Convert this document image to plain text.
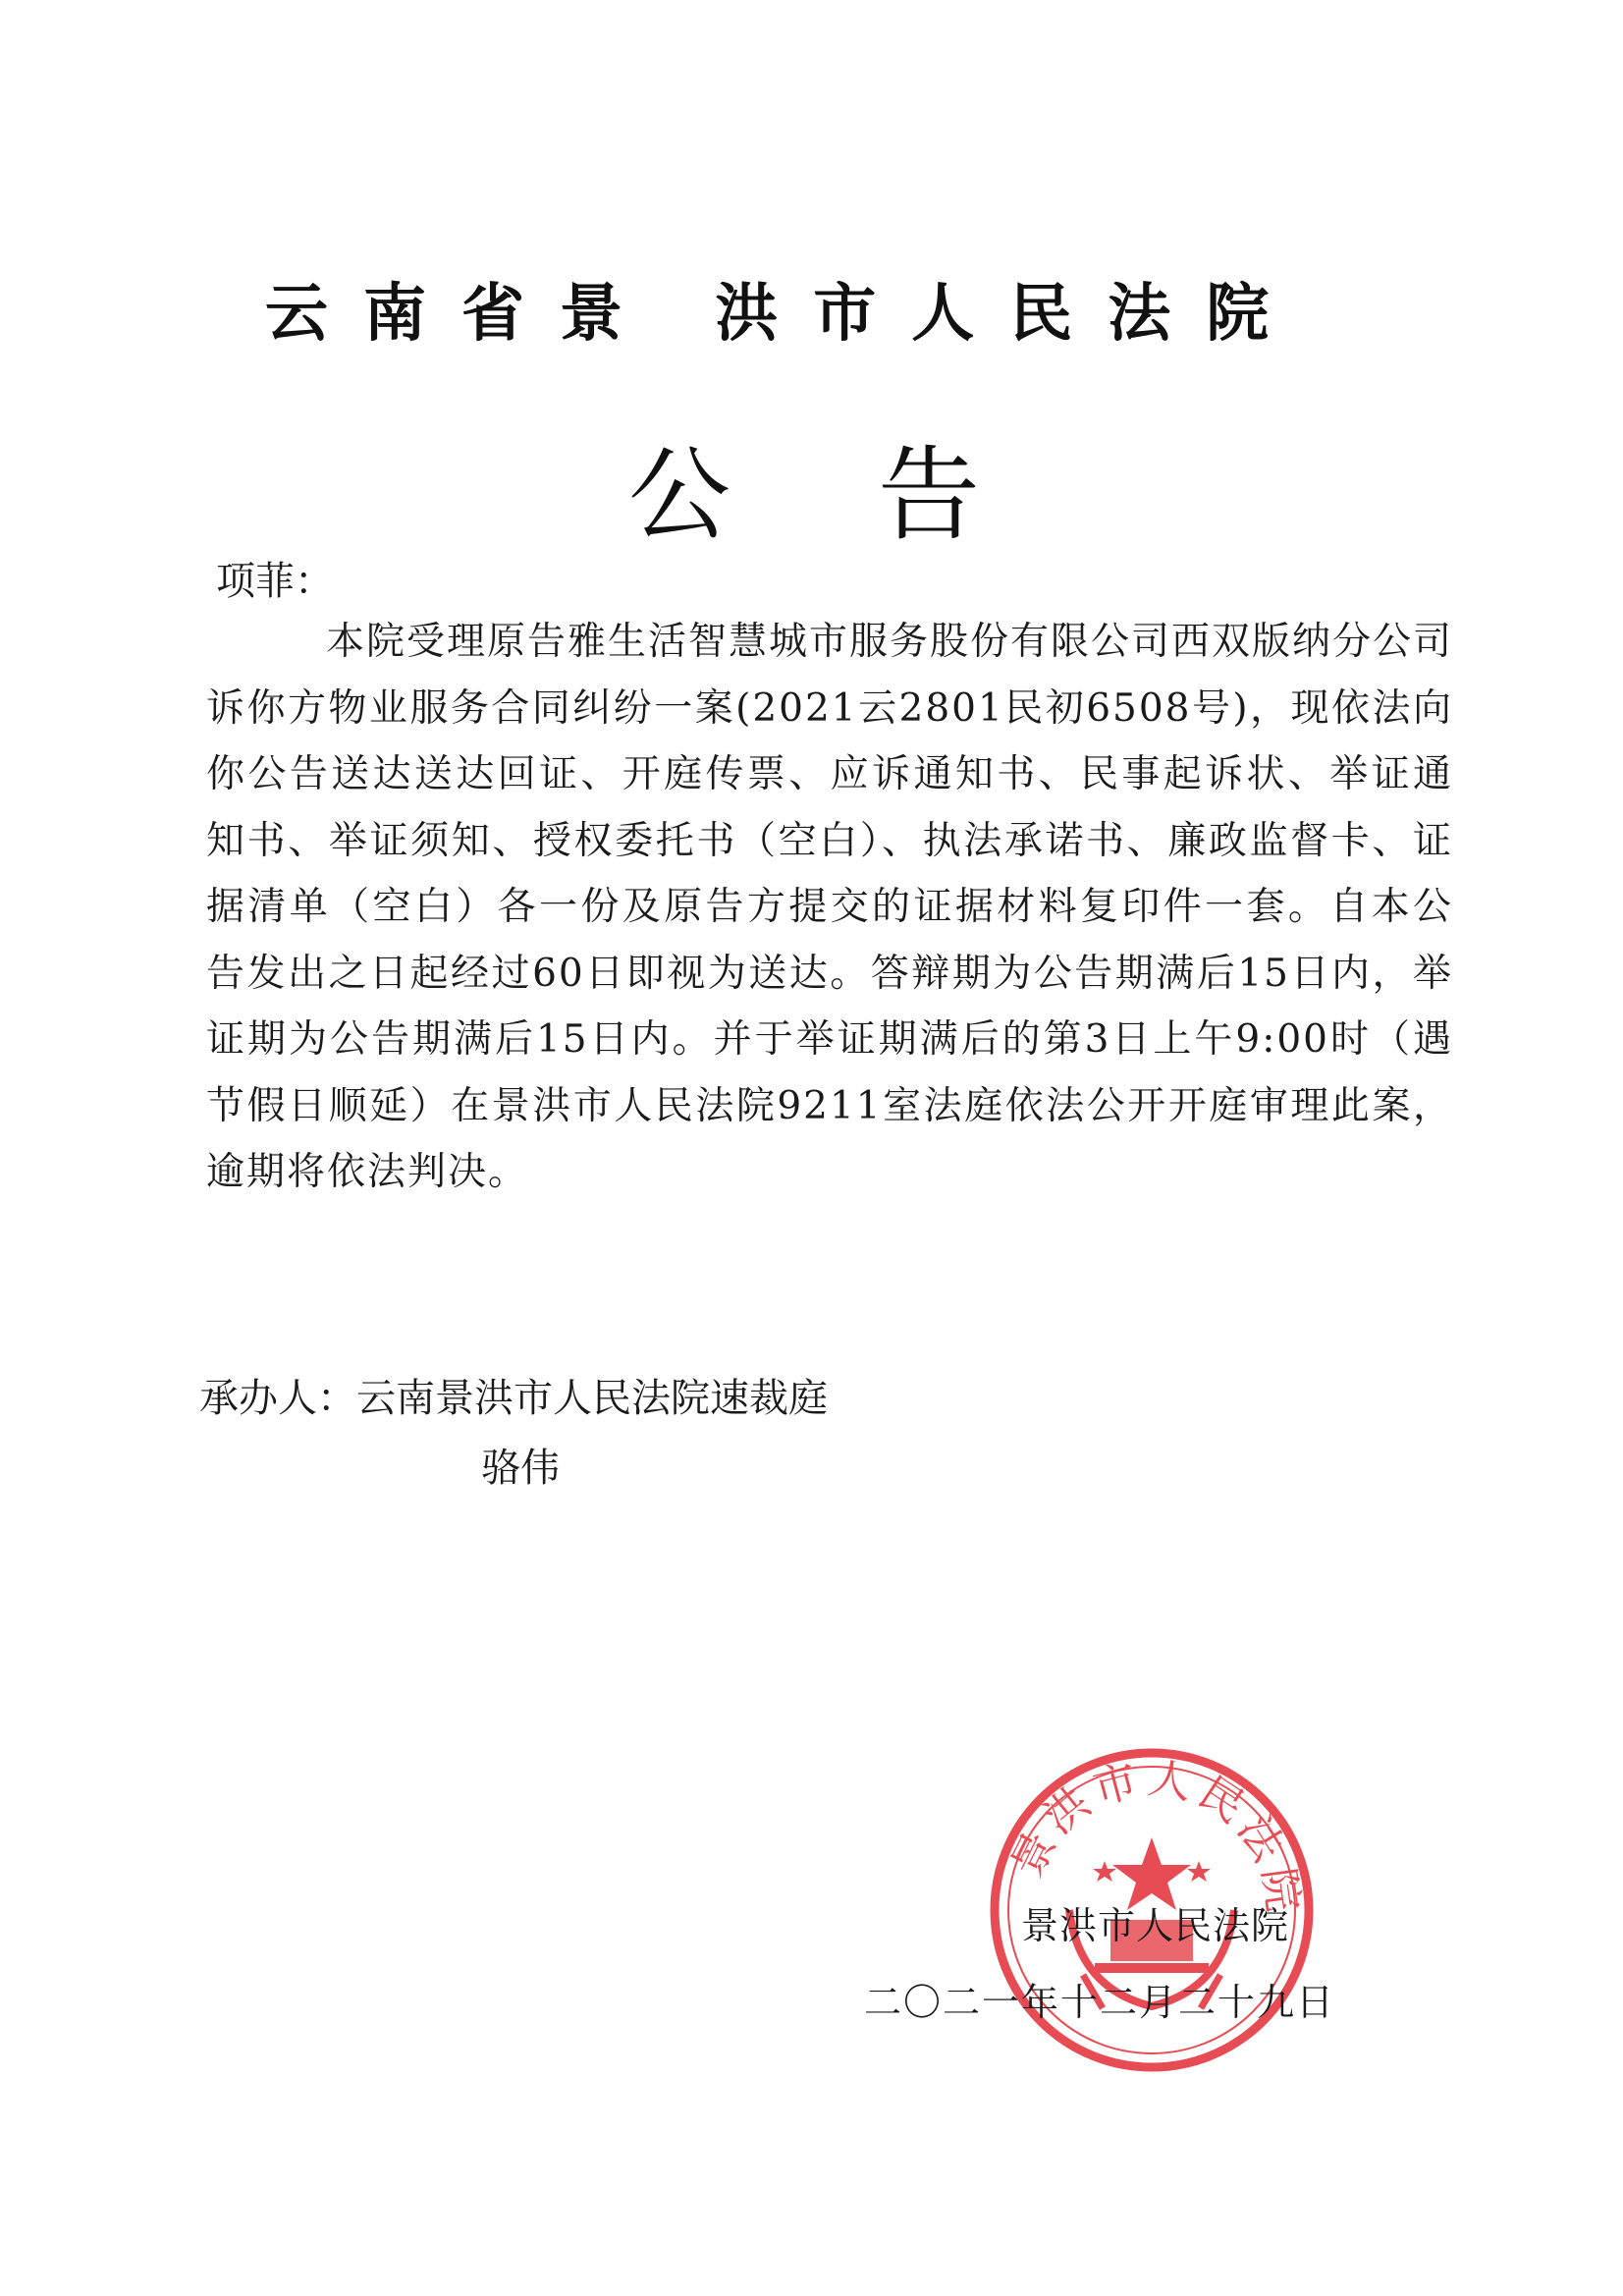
云南省景 洪市人民法院
公告
项菲：

本院受理原告雅生活智慧城市服务股份有限公司西双版纳分公司诉你方物业服务合同纠纷一案(2021云2801民初6508号)，现依法向你公告送达送达回证、开庭传票、应诉通知书、民事起诉状、举证通知书、举证须知、授权委托书（空白）、执法承诺书、廉政监督卡、证据清单（空白）各一份及原告方提交的证据材料复印件一套。自本公告发出之日起经过60日即视为送达。答辩期为公告期满后15日内，举证期为公告期满后15日内。并于举证期满后的第3日上午9:00时（遇节假日顺延）在景洪市人民法院9211室法庭依法公开开庭审理此案，逾期将依法判决。

承办人：云南景洪市人民法院速裁庭
骆伟
景洪市人民法院
景洪市人民法院
二〇二一年十二月二十九日
